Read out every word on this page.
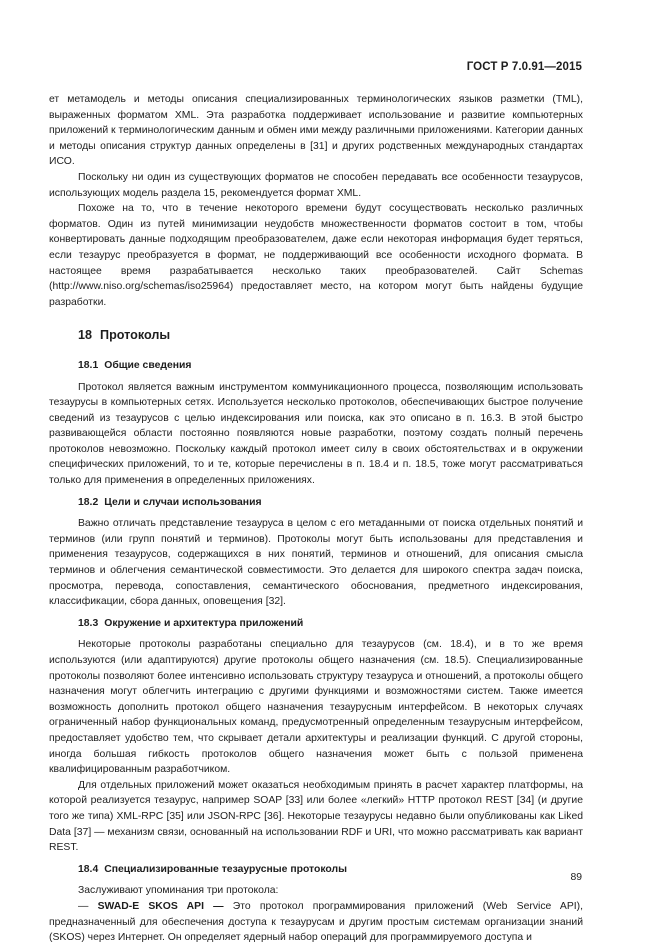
ГОСТ Р 7.0.91—2015

ет метамодель и методы описания специализированных терминологических языков разметки (TML), выраженных форматом XML. Эта разработка поддерживает использование и развитие компьютерных приложений к терминологическим данным и обмен ими между различными приложениями. Категории данных и методы описания структур данных определены в [31] и других родственных международных стандартах ИСО.

Поскольку ни один из существующих форматов не способен передавать все особенности тезаурусов, использующих модель раздела 15, рекомендуется формат XML.

Похоже на то, что в течение некоторого времени будут сосуществовать несколько различных форматов. Один из путей минимизации неудобств множественности форматов состоит в том, чтобы конвертировать данные подходящим преобразователем, даже если некоторая информация будет теряться, если тезаурус преобразуется в формат, не поддерживающий все особенности исходного формата. В настоящее время разрабатывается несколько таких преобразователей. Сайт Schemas (http://www.niso.org/schemas/iso25964) предоставляет место, на котором могут быть найдены будущие разработки.

18 Протоколы
18.1 Общие сведения

Протокол является важным инструментом коммуникационного процесса, позволяющим использовать тезаурусы в компьютерных сетях. Используется несколько протоколов, обеспечивающих быстрое получение сведений из тезаурусов с целью индексирования или поиска, как это описано в п. 16.3. В этой быстро развивающейся области постоянно появляются новые разработки, поэтому создать полный перечень протоколов невозможно. Поскольку каждый протокол имеет силу в своих обстоятельствах и в окружении специфических приложений, то и те, которые перечислены в п. 18.4 и п. 18.5, тоже могут рассматриваться только для применения в определенных приложениях.

18.2 Цели и случаи использования

Важно отличать представление тезауруса в целом с его метаданными от поиска отдельных понятий и терминов (или групп понятий и терминов). Протоколы могут быть использованы для представления и применения тезаурусов, содержащихся в них понятий, терминов и отношений, для описания смысла терминов и облегчения семантической совместимости. Это делается для широкого спектра задач поиска, просмотра, перевода, сопоставления, семантического обоснования, предметного индексирования, классификации, сбора данных, оповещения [32].

18.3 Окружение и архитектура приложений

Некоторые протоколы разработаны специально для тезаурусов (см. 18.4), и в то же время используются (или адаптируются) другие протоколы общего назначения (см. 18.5). Специализированные протоколы позволяют более интенсивно использовать структуру тезауруса и отношений, а протоколы общего назначения могут облегчить интеграцию с другими функциями и возможностями систем. Также имеется возможность дополнить протокол общего назначения тезаурусным интерфейсом. В некоторых случаях ограниченный набор функциональных команд, предусмотренный определенным тезаурусным интерфейсом, предоставляет удобство тем, что скрывает детали архитектуры и реализации функций. С другой стороны, иногда большая гибкость протоколов общего назначения может быть с пользой применена квалифицированным разработчиком.

Для отдельных приложений может оказаться необходимым принять в расчет характер платформы, на которой реализуется тезаурус, например SOAP [33] или более «легкий» HTTP протокол REST [34] (и другие того же типа) XML-RPC [35] или JSON-RPC [36]. Некоторые тезаурусы недавно были опубликованы как Liked Data [37] — механизм связи, основанный на использовании RDF и URI, что можно рассматривать как вариант REST.

18.4 Специализированные тезаурусные протоколы

Заслуживают упоминания три протокола:

— SWAD-E SKOS API — Это протокол программирования приложений (Web Service API), предназначенный для обеспечения доступа к тезаурусам и другим простым системам организации знаний (SKOS) через Интернет. Он определяет ядерный набор операций для программируемого доступа и

89
